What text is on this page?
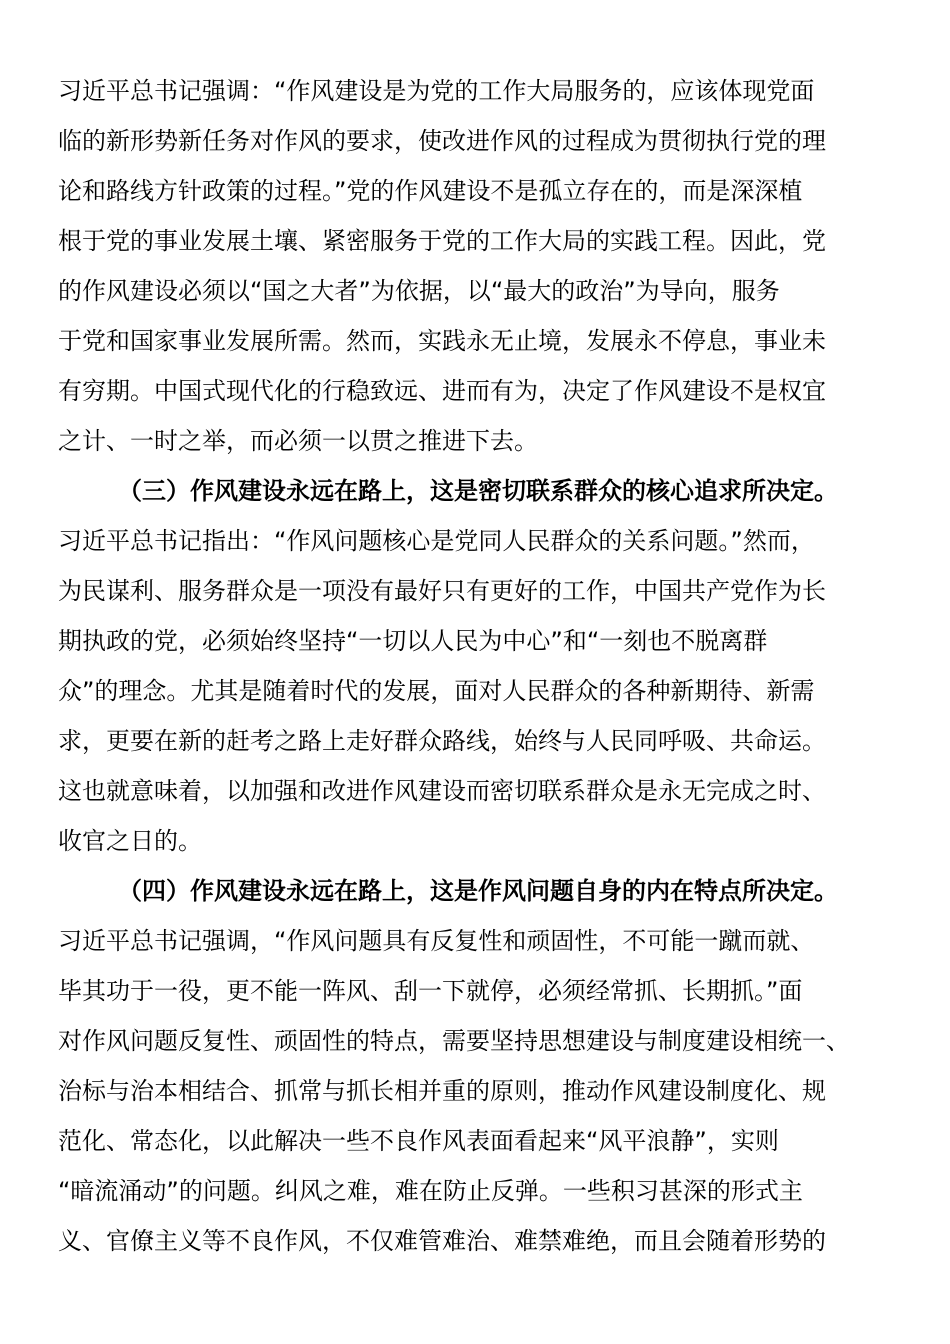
习近平总书记强调：“作风建设是为党的工作大局服务的，应该体现党面
临的新形势新任务对作风的要求，使改进作风的过程成为贯彻执行党的理
论和路线方针政策的过程。”党的作风建设不是孤立存在的，而是深深植
根于党的事业发展土壤、紧密服务于党的工作大局的实践工程。因此，党
的作风建设必须以“国之大者”为依据，以“最大的政治”为导向，服务
于党和国家事业发展所需。然而，实践永无止境，发展永不停息，事业未
有穷期。中国式现代化的行稳致远、进而有为，决定了作风建设不是权宜
之计、一时之举，而必须一以贯之推进下去。
（三）作风建设永远在路上，这是密切联系群众的核心追求所决定。
习近平总书记指出：“作风问题核心是党同人民群众的关系问题。”然而，
为民谋利、服务群众是一项没有最好只有更好的工作，中国共产党作为长
期执政的党，必须始终坚持“一切以人民为中心”和“一刻也不脱离群
众”的理念。尤其是随着时代的发展，面对人民群众的各种新期待、新需
求，更要在新的赶考之路上走好群众路线，始终与人民同呼吸、共命运。
这也就意味着，以加强和改进作风建设而密切联系群众是永无完成之时、
收官之日的。
（四）作风建设永远在路上，这是作风问题自身的内在特点所决定。
习近平总书记强调，“作风问题具有反复性和顽固性，不可能一蹴而就、
毕其功于一役，更不能一阵风、刮一下就停，必须经常抓、长期抓。”面
对作风问题反复性、顽固性的特点，需要坚持思想建设与制度建设相统一、
治标与治本相结合、抓常与抓长相并重的原则，推动作风建设制度化、规
范化、常态化，以此解决一些不良作风表面看起来“风平浪静”，实则
“暗流涌动”的问题。纠风之难，难在防止反弹。一些积习甚深的形式主
义、官僚主义等不良作风，不仅难管难治、难禁难绝，而且会随着形势的
